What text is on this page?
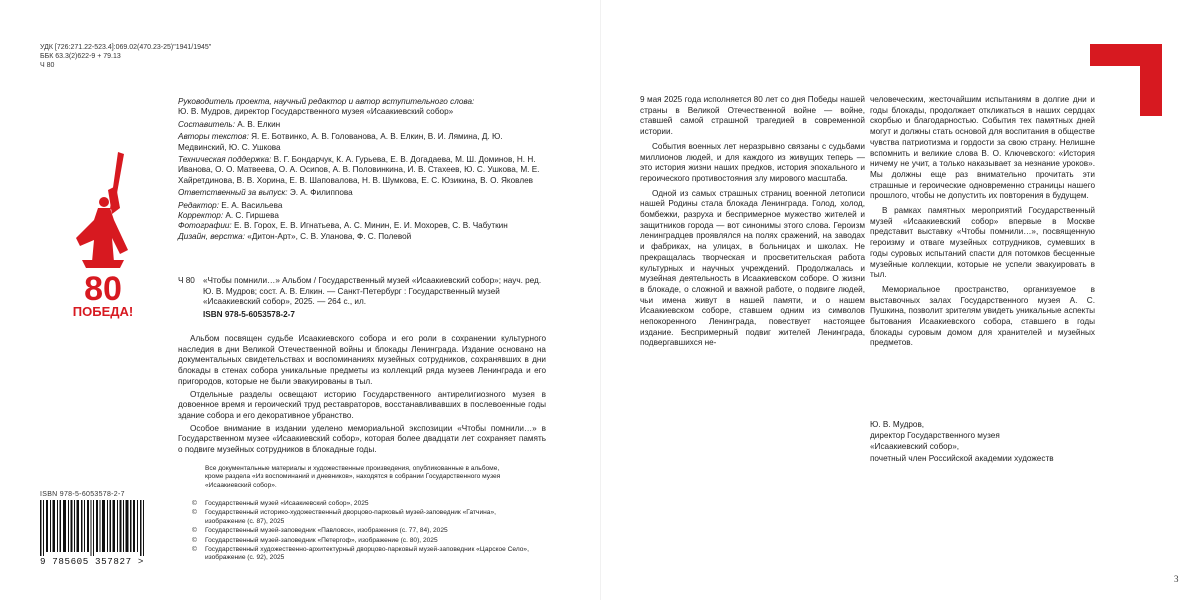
УДК [726:271.22-523.4]:069.02(470.23-25)"1941/1945"
ББК 63.3(2)622-9 + 79.13
Ч 80
80
ПОБЕДА!

Руководитель проекта, научный редактор и автор вступительного слова:
Ю. В. Мудров, директор Государственного музея «Исаакиевский собор»

Составитель: А. В. Елкин

Авторы текстов: Я. Е. Ботвинко, А. В. Голованова, А. В. Елкин, В. И. Лямина, Д. Ю. Медвинский, Ю. С. Ушкова

Техническая поддержка: В. Г. Бондарчук, К. А. Гурьева, Е. В. Догадаева, М. Ш. Доминов, Н. Н. Иванова, О. О. Матвеева, О. А. Осипов, А. В. Половинкина, И. В. Стахеев, Ю. С. Ушкова, М. Е. Хайретдинова, В. В. Хорина, Е. В. Шаповалова, Н. В. Шумкова, Е. С. Юзикина, В. О. Яковлев

Ответственный за выпуск: Э. А. Филиппова

Редактор: Е. А. Васильева

Корректор: А. С. Гиршева

Фотографии: Е. В. Горох, Е. В. Игнатьева, А. С. Минин, Е. И. Мохорев, С. В. Чабуткин

Дизайн, верстка: «Дитон-Арт», С. В. Уланова, Ф. С. Полевой

Ч 80 «Чтобы помнили…» Альбом / Государственный музей «Исаакиевский собор»; науч. ред. Ю. В. Мудров; сост. А. В. Елкин. — Санкт-Петербург : Государственный музей «Исаакиевский собор», 2025. — 264 с., ил.
ISBN 978-5-6053578-2-7

Альбом посвящен судьбе Исаакиевского собора и его роли в сохранении культурного наследия в дни Великой Отечественной войны и блокады Ленинграда. Издание основано на документальных свидетельствах и воспоминаниях музейных сотрудников, сохранявших в дни блокады в стенах собора уникальные предметы из коллекций ряда музеев Ленинграда и его пригородов, которые не были эвакуированы в тыл.

Отдельные разделы освещают историю Государственного антирелигиозного музея в довоенное время и героический труд реставраторов, восстанавливавших в послевоенные годы здание собора и его декоративное убранство.

Особое внимание в издании уделено мемориальной экспозиции «Чтобы помнили…» в Государственном музее «Исаакиевский собор», которая более двадцати лет сохраняет память о подвиге музейных сотрудников в блокадные годы.

Все документальные материалы и художественные произведения, опубликованные в альбоме, кроме раздела «Из воспоминаний и дневников», находятся в собрании Государственного музея «Исаакиевский собор».
© Государственный музей «Исаакиевский собор», 2025
© Государственный историко-художественный дворцово-парковый музей-заповедник «Гатчина», изображение (с. 87), 2025
© Государственный музей-заповедник «Павловск», изображения (с. 77, 84), 2025
© Государственный музей-заповедник «Петергоф», изображение (с. 80), 2025
© Государственный художественно-архитектурный дворцово-парковый музей-заповедник «Царское Село», изображение (с. 92), 2025
ISBN 978-5-6053578-2-7
9 785605 357827 >

9 мая 2025 года исполняется 80 лет со дня Победы нашей страны в Великой Отечественной войне — войне, ставшей самой страшной трагедией в современной истории.

События военных лет неразрывно связаны с судьбами миллионов людей, и для каждого из живущих теперь — это история жизни наших предков, история эпохального и героического противостояния злу мирового масштаба.

Одной из самых страшных страниц военной летописи нашей Родины стала блокада Ленинграда. Голод, холод, бомбежки, разруха и беспримерное мужество жителей и защитников города — вот синонимы этого слова. Героизм ленинградцев проявлялся на полях сражений, на заводах и фабриках, на улицах, в больницах и школах. Не прекращалась творческая и просветительская работа культурных и научных учреждений. Продолжалась и музейная деятельность в Исаакиевском соборе. О жизни в блокаде, о сложной и важной работе, о подвиге людей, чьи имена живут в нашей памяти, и о нашем Исаакиевском соборе, ставшем одним из символов непокоренного Ленинграда, повествует настоящее издание. Беспримерный подвиг жителей Ленинграда, подвергавшихся не-

человеческим, жесточайшим испытаниям в долгие дни и годы блокады, продолжает откликаться в наших сердцах скорбью и благодарностью. События тех памятных дней могут и должны стать основой для воспитания в обществе чувства патриотизма и гордости за свою страну. Нелишне вспомнить и великие слова В. О. Ключевского: «История ничему не учит, а только наказывает за незнание уроков». Мы должны еще раз внимательно прочитать эти страшные и героические одновременно страницы нашего прошлого, чтобы не допустить их повторения в будущем.

В рамках памятных мероприятий Государственный музей «Исаакиевский собор» впервые в Москве представит выставку «Чтобы помнили…», посвященную героизму и отваге музейных сотрудников, сумевших в годы суровых испытаний спасти для потомков бесценные музейные коллекции, которые не успели эвакуировать в тыл.

Мемориальное пространство, организуемое в выставочных залах Государственного музея А. С. Пушкина, позволит зрителям увидеть уникальные аспекты бытования Исаакиевского собора, ставшего в годы блокады суровым домом для хранителей и музейных предметов.

Ю. В. Мудров,
директор Государственного музея
«Исаакиевский собор»,
почетный член Российской академии художеств
3
